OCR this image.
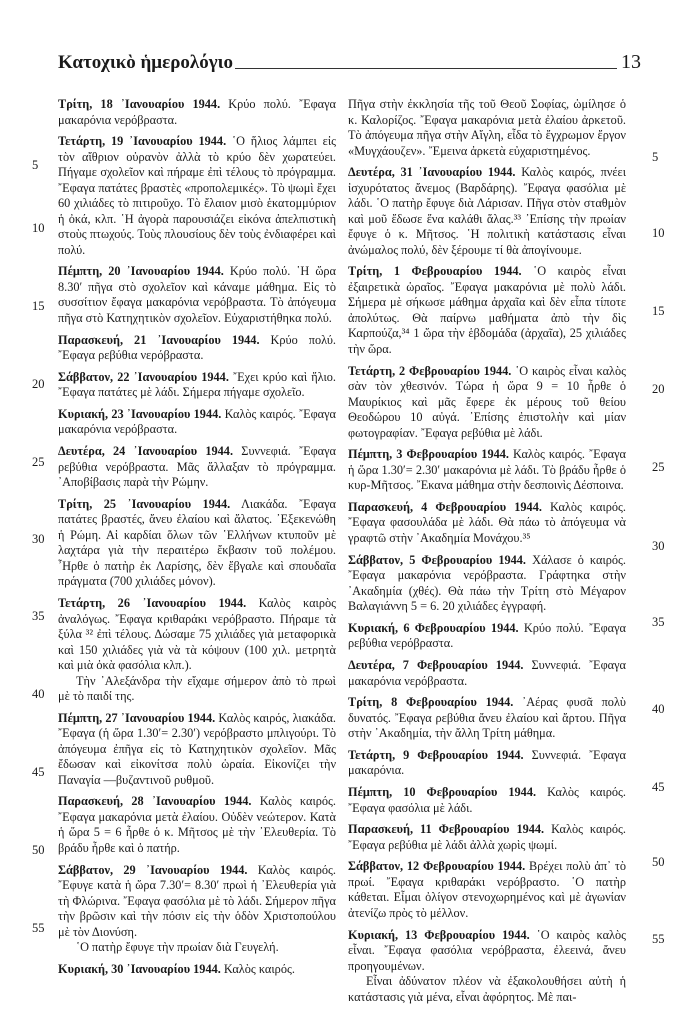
Κατοχικὸ ἡμερολόγιο	13
Τρίτη, 18 ᾿Ιανουαρίου 1944. Κρύο πολύ. ῎Εφαγα μακαρόνια νερόβραστα.
Τετάρτη, 19 ᾿Ιανουαρίου 1944. ῾Ο ἥλιος λάμπει εἰς τὸν αἴθριον οὐρανὸν ἀλλὰ τὸ κρύο δὲν χωρατεύει. Πήγαμε σχολεῖον καὶ πήραμε ἐπὶ τέλους τὸ πρόγραμμα. ῎Εφαγα πατάτες βραστὲς «προπολεμικές». Τὸ ψωμὶ ἔχει 60 χιλιάδες τὸ πιτιροῦχο. Τὸ ἔλαιον μισὸ ἑκατομμύριον ἡ ὀκά, κλπ. ῾Η ἀγορὰ παρουσιάζει εἰκόνα ἀπελπιστικὴ στοὺς πτωχούς. Τοὺς πλουσίους δὲν τοὺς ἐνδιαφέρει καὶ πολύ.
Πέμπτη, 20 ᾿Ιανουαρίου 1944. Κρύο πολύ. ῾Η ὥρα 8.30′ πῆγα στὸ σχολεῖον καὶ κάναμε μάθημα. Εἰς τὸ συσσίτιον ἔφαγα μακαρόνια νερόβραστα. Τὸ ἀπόγευμα πῆγα στὸ Κατηχητικὸν σχολεῖον. Εὐχαριστήθηκα πολύ.
Παρασκευή, 21 ᾿Ιανουαρίου 1944. Κρύο πολύ. ῎Εφαγα ρεβύθια νερόβραστα.
Σάββατον, 22 ᾿Ιανουαρίου 1944. ῎Εχει κρύο καὶ ἥλιο. ῎Εφαγα πατάτες μὲ λάδι. Σήμερα πήγαμε σχολεῖο.
Κυριακή, 23 ᾿Ιανουαρίου 1944. Καλὸς καιρός. ῎Εφαγα μακαρόνια νερόβραστα.
Δευτέρα, 24 ᾿Ιανουαρίου 1944. Συννεφιά. ῎Εφαγα ρεβύθια νερόβραστα. Μᾶς ἄλλαξαν τὸ πρόγραμμα. ᾿Αποβίβασις παρὰ τὴν Ρώμην.
Τρίτη, 25 ᾿Ιανουαρίου 1944. Λιακάδα. ῎Εφαγα πατάτες βραστές, ἄνευ ἐλαίου καὶ ἅλατος. ᾿Εξεκενώθη ἡ Ρώμη. Αἱ καρδίαι ὅλων τῶν ῾Ελλήνων κτυποῦν μὲ λαχτάρα γιὰ τὴν περαιτέρω ἔκβασιν τοῦ πολέμου. ῏Ηρθε ὁ πατὴρ ἐκ Λαρίσης, δὲν ἔβγαλε καὶ σπουδαῖα πράγματα (700 χιλιάδες μόνον).
Τετάρτη, 26 ᾿Ιανουαρίου 1944. Καλὸς καιρὸς ἀναλόγως. ῎Εφαγα κριθαράκι νερόβραστο. Πήραμε τὰ ξύλα ³² ἐπὶ τέλους. Δώσαμε 75 χιλιάδες γιὰ μεταφορικὰ καὶ 150 χιλιάδες γιὰ νὰ τὰ κόψουν (100 χιλ. μετρητὰ καὶ μιὰ ὀκὰ φασόλια κλπ.).
Τὴν ᾿Αλεξάνδρα τὴν εἴχαμε σήμερον ἀπὸ τὸ πρωὶ μὲ τὸ παιδί της.
Πέμπτη, 27 ᾿Ιανουαρίου 1944. Καλὸς καιρός, λιακάδα. ῎Εφαγα (ἡ ὥρα 1.30′= 2.30′) νερόβραστο μπλιγούρι. Τὸ ἀπόγευμα ἐπῆγα εἰς τὸ Κατηχητικὸν σχολεῖον. Μᾶς ἔδωσαν καὶ εἰκονίτσα πολὺ ὡραία. Εἰκονίζει τὴν Παναγία —βυζαντινοῦ ρυθμοῦ.
Παρασκευή, 28 ᾿Ιανουαρίου 1944. Καλὸς καιρός. ῎Εφαγα μακαρόνια μετὰ ἐλαίου. Οὐδὲν νεώτερον. Κατὰ ἡ ὥρα 5 = 6 ἦρθε ὁ κ. Μῆτσος μὲ τὴν ᾿Ελευθερία. Τὸ βράδυ ἦρθε καὶ ὁ πατήρ.
Σάββατον, 29 ᾿Ιανουαρίου 1944. Καλὸς καιρός. ῎Εφυγε κατὰ ἡ ὥρα 7.30′= 8.30′ πρωὶ ἡ ᾿Ελευθερία γιὰ τὴ Φλώρινα. ῎Εφαγα φασόλια μὲ τὸ λάδι. Σήμερον πῆγα τὴν βρῶσιν καὶ τὴν πόσιν εἰς τὴν ὁδὸν Χριστοπούλου μὲ τὸν Διονύση.
῾Ο πατὴρ ἔφυγε τὴν πρωίαν διὰ Γευγελή.
Κυριακή, 30 ᾿Ιανουαρίου 1944. Καλὸς καιρός.
Πῆγα στὴν ἐκκλησία τῆς τοῦ Θεοῦ Σοφίας, ὡμίλησε ὁ κ. Καλορίζος. ῎Εφαγα μακαρόνια μετὰ ἐλαίου ἀρκετοῦ. Τὸ ἀπόγευμα πῆγα στὴν Αἴγλη, εἶδα τὸ ἔγχρωμον ἔργον «Μυγχάουζεν». ῎Εμεινα ἀρκετὰ εὐχαριστημένος.
Δευτέρα, 31 ᾿Ιανουαρίου 1944. Καλὸς καιρός, πνέει ἰσχυρότατος ἄνεμος (Βαρδάρης). ῎Εφαγα φασόλια μὲ λάδι. ῾Ο πατὴρ ἔφυγε διὰ Λάρισαν. Πῆγα στὸν σταθμὸν καὶ μοῦ ἔδωσε ἕνα καλάθι ἅλας.³³ ᾿Επίσης τὴν πρωίαν ἔφυγε ὁ κ. Μῆτσος. ῾Η πολιτικὴ κατάστασις εἶναι ἀνώμαλος πολύ, δὲν ξέρουμε τί θὰ ἀπογίνουμε.
Τρίτη, 1 Φεβρουαρίου 1944. ῾Ο καιρὸς εἶναι ἐξαιρετικὰ ὡραῖος. ῎Εφαγα μακαρόνια μὲ πολὺ λάδι. Σήμερα μὲ σήκωσε μάθημα ἀρχαῖα καὶ δὲν εἶπα τίποτε ἀπολύτως. Θὰ παίρνω μαθήματα ἀπὸ τὴν δὶς Καρπούζα,³⁴ 1 ὥρα τὴν ἑβδομάδα (ἀρχαῖα), 25 χιλιάδες τὴν ὥρα.
Τετάρτη, 2 Φεβρουαρίου 1944. ῾Ο καιρὸς εἶναι καλὸς σὰν τὸν χθεσινόν. Τώρα ἡ ὥρα 9 = 10 ἦρθε ὁ Μαυρίκιος καὶ μᾶς ἔφερε ἐκ μέρους τοῦ θείου Θεοδώρου 10 αὐγά. ᾿Επίσης ἐπιστολὴν καὶ μίαν φωτογραφίαν. ῎Εφαγα ρεβύθια μὲ λάδι.
Πέμπτη, 3 Φεβρουαρίου 1944. Καλὸς καιρός. ῎Εφαγα ἡ ὥρα 1.30′= 2.30′ μακαρόνια μὲ λάδι. Τὸ βράδυ ἦρθε ὁ κυρ-Μῆτσος. ῎Εκανα μάθημα στὴν δεσποινὶς Δέσποινα.
Παρασκευή, 4 Φεβρουαρίου 1944. Καλὸς καιρός. ῎Εφαγα φασουλάδα μὲ λάδι. Θὰ πάω τὸ ἀπόγευμα νὰ γραφτῶ στὴν ᾿Ακαδημία Μονάχου.³⁵
Σάββατον, 5 Φεβρουαρίου 1944. Χάλασε ὁ καιρός. ῎Εφαγα μακαρόνια νερόβραστα. Γράφτηκα στὴν ᾿Ακαδημία (χθές). Θὰ πάω τὴν Τρίτη στὸ Μέγαρον Βαλαγιάννη 5 = 6. 20 χιλιάδες ἐγγραφή.
Κυριακή, 6 Φεβρουαρίου 1944. Κρύο πολύ. ῎Εφαγα ρεβύθια νερόβραστα.
Δευτέρα, 7 Φεβρουαρίου 1944. Συννεφιά. ῎Εφαγα μακαρόνια νερόβραστα.
Τρίτη, 8 Φεβρουαρίου 1944. ᾿Αέρας φυσᾶ πολὺ δυνατός. ῎Εφαγα ρεβύθια ἄνευ ἐλαίου καὶ ἄρτου. Πῆγα στὴν ᾿Ακαδημία, τὴν ἄλλη Τρίτη μάθημα.
Τετάρτη, 9 Φεβρουαρίου 1944. Συννεφιά. ῎Εφαγα μακαρόνια.
Πέμπτη, 10 Φεβρουαρίου 1944. Καλὸς καιρός. ῎Εφαγα φασόλια μὲ λάδι.
Παρασκευή, 11 Φεβρουαρίου 1944. Καλὸς καιρός. ῎Εφαγα ρεβύθια μὲ λάδι ἀλλὰ χωρὶς ψωμί.
Σάββατον, 12 Φεβρουαρίου 1944. Βρέχει πολὺ ἀπ᾿ τὸ πρωί. ῎Εφαγα κριθαράκι νερόβραστο. ῾Ο πατὴρ κάθεται. Εἶμαι ὀλίγον στενοχωρημένος καὶ μὲ ἀγωνίαν ἀτενίζω πρὸς τὸ μέλλον.
Κυριακή, 13 Φεβρουαρίου 1944. ῾Ο καιρὸς καλὸς εἶναι. ῎Εφαγα φασόλια νερόβραστα, ἐλεεινά, ἄνευ προηγουμένων.
Εἶναι ἀδύνατον πλέον νὰ ἐξακολουθήσει αὐτὴ ἡ κατάστασις γιὰ μένα, εἶναι ἀφόρητος. Μὲ παι-
5
10
15
20
25
30
35
40
45
50
55
5
10
15
20
25
30
35
40
45
50
55
